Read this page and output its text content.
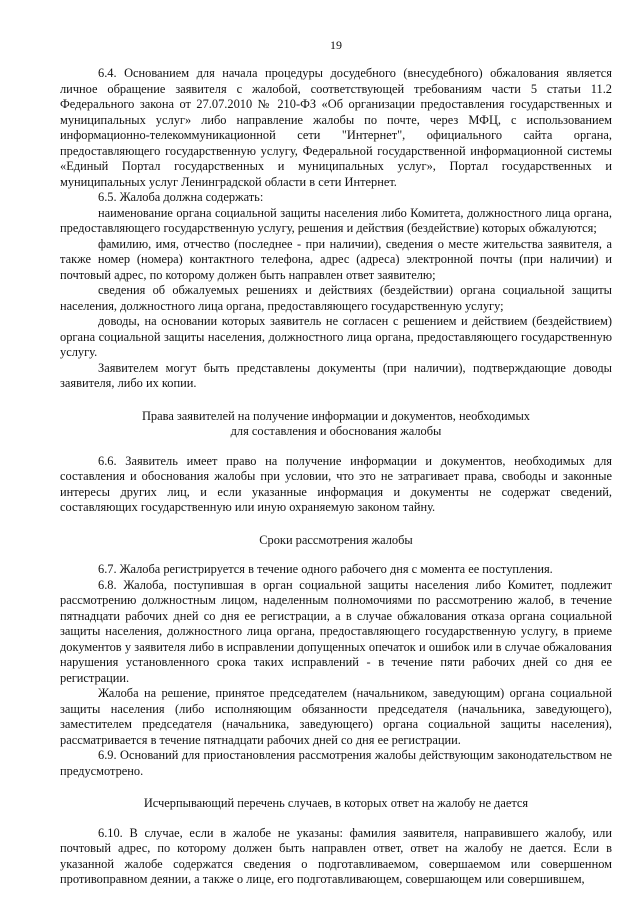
19

6.4. Основанием для начала процедуры досудебного (внесудебного) обжалования является личное обращение заявителя с жалобой, соответствующей требованиям части 5 статьи 11.2 Федерального закона от 27.07.2010 № 210-ФЗ «Об организации предоставления государственных и муниципальных услуг» либо направление жалобы по почте, через МФЦ, с использованием информационно-телекоммуникационной сети "Интернет", официального сайта органа, предоставляющего государственную услугу, Федеральной государственной информационной системы «Единый Портал государственных и муниципальных услуг», Портал государственных и муниципальных услуг Ленинградской области в сети Интернет.

6.5. Жалоба должна содержать:

наименование органа социальной защиты населения либо Комитета, должностного лица органа, предоставляющего государственную услугу, решения и действия (бездействие) которых обжалуются;

фамилию, имя, отчество (последнее - при наличии), сведения о месте жительства заявителя, а также номер (номера) контактного телефона, адрес (адреса) электронной почты (при наличии) и почтовый адрес, по которому должен быть направлен ответ заявителю;

сведения об обжалуемых решениях и действиях (бездействии) органа социальной защиты населения, должностного лица органа, предоставляющего государственную услугу;

доводы, на основании которых заявитель не согласен с решением и действием (бездействием) органа социальной защиты населения, должностного лица органа, предоставляющего государственную услугу.

Заявителем могут быть представлены документы (при наличии), подтверждающие доводы заявителя, либо их копии.

Права заявителей на получение информации и документов, необходимых

для составления и обоснования жалобы

6.6. Заявитель имеет право на получение информации и документов, необходимых для составления и обоснования жалобы при условии, что это не затрагивает права, свободы и законные интересы других лиц, и если указанные информация и документы не содержат сведений, составляющих государственную или иную охраняемую законом тайну.

Сроки рассмотрения жалобы

6.7. Жалоба регистрируется в течение одного рабочего дня с момента ее поступления.

6.8. Жалоба, поступившая в орган социальной защиты населения либо Комитет, подлежит рассмотрению должностным лицом, наделенным полномочиями по рассмотрению жалоб, в течение пятнадцати рабочих дней со дня ее регистрации, а в случае обжалования отказа органа социальной защиты населения, должностного лица органа, предоставляющего государственную услугу, в приеме документов у заявителя либо в исправлении допущенных опечаток и ошибок или в случае обжалования нарушения установленного срока таких исправлений - в течение пяти рабочих дней со дня ее регистрации.

Жалоба на решение, принятое председателем (начальником, заведующим) органа социальной защиты населения (либо исполняющим обязанности председателя (начальника, заведующего), заместителем председателя (начальника, заведующего) органа социальной защиты населения), рассматривается в течение пятнадцати рабочих дней со дня ее регистрации.

6.9. Оснований для приостановления рассмотрения жалобы действующим законодательством не предусмотрено.

Исчерпывающий перечень случаев, в которых ответ на жалобу не дается

6.10. В случае, если в жалобе не указаны: фамилия заявителя, направившего жалобу, или почтовый адрес, по которому должен быть направлен ответ, ответ на жалобу не дается. Если в указанной жалобе содержатся сведения о подготавливаемом, совершаемом или совершенном противоправном деянии, а также о лице, его подготавливающем, совершающем или совершившем,
